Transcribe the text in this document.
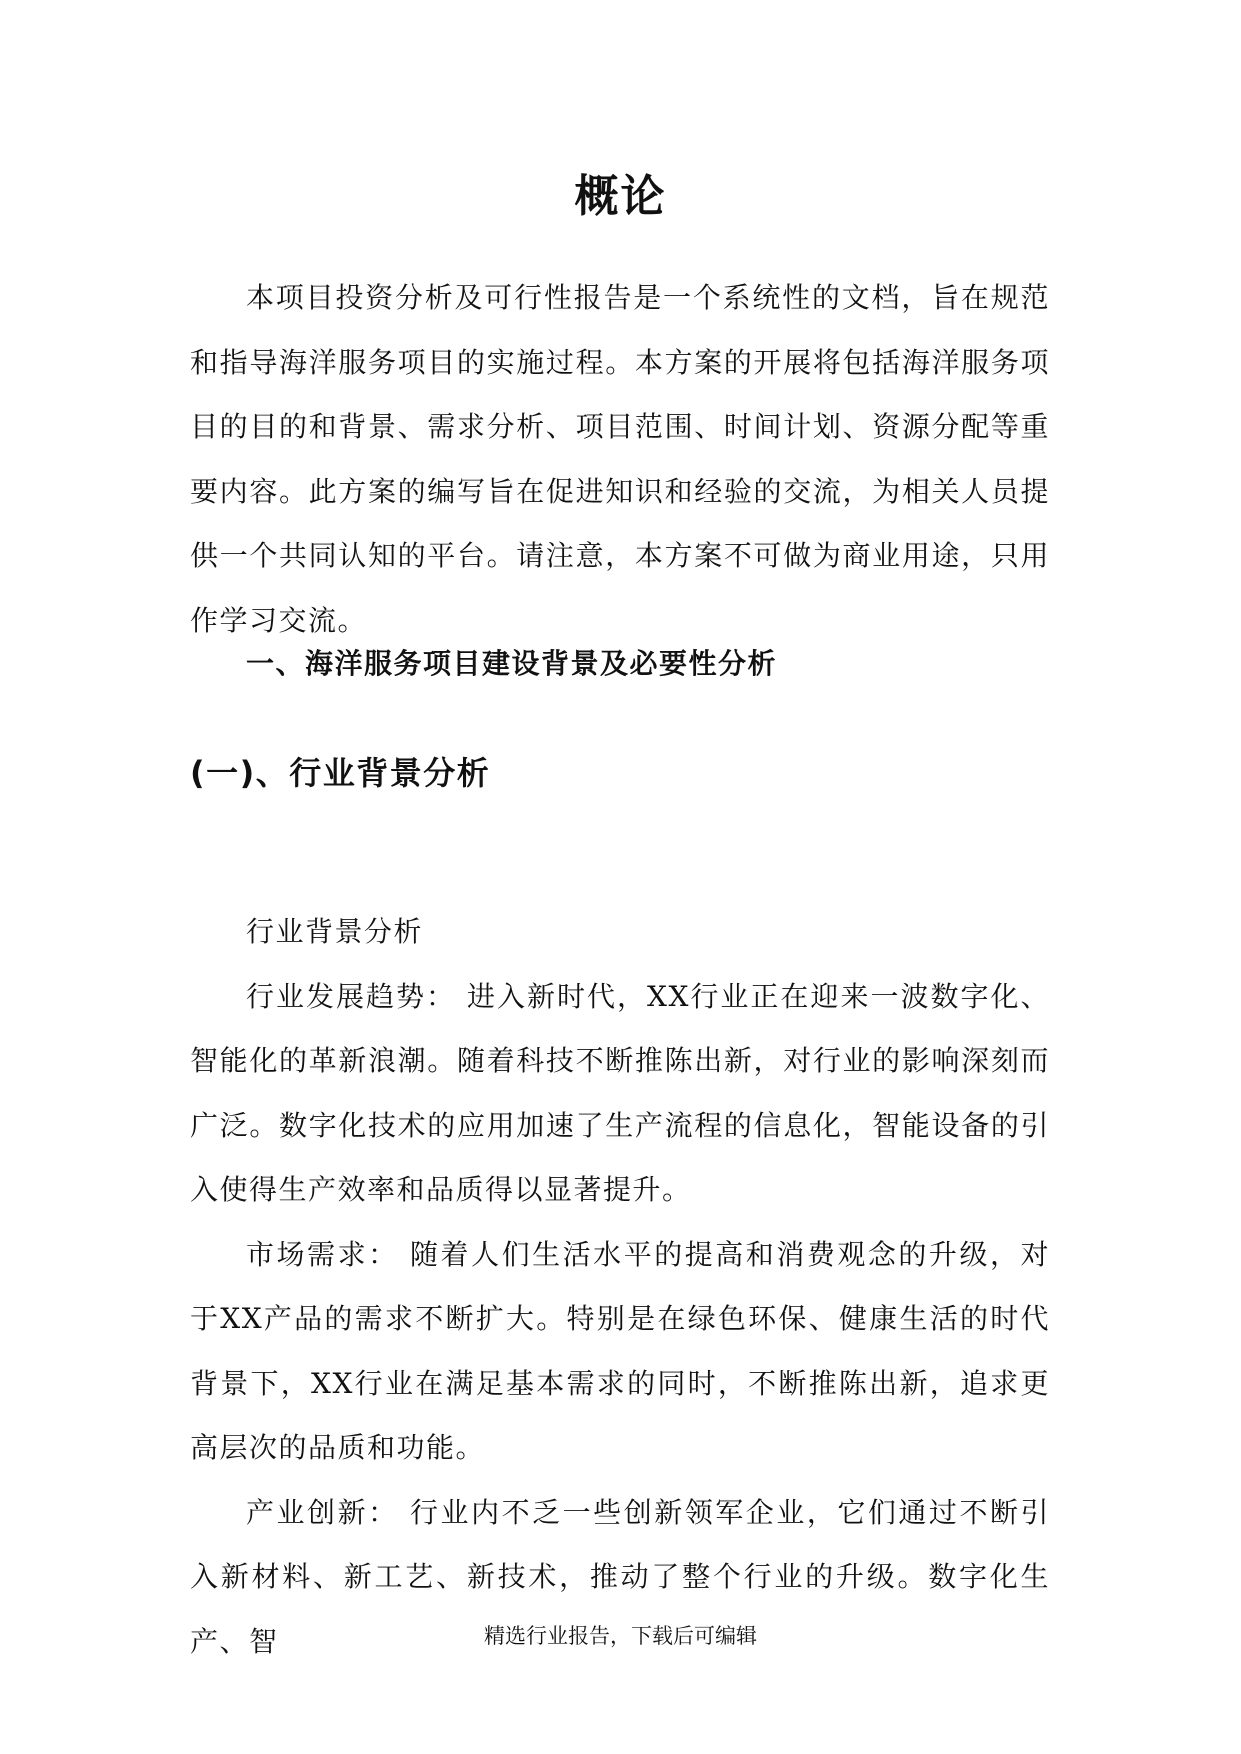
概论

本项目投资分析及可行性报告是一个系统性的文档，旨在规范和指导海洋服务项目的实施过程。本方案的开展将包括海洋服务项目的目的和背景、需求分析、项目范围、时间计划、资源分配等重要内容。此方案的编写旨在促进知识和经验的交流，为相关人员提供一个共同认知的平台。请注意，本方案不可做为商业用途，只用作学习交流。

一、海洋服务项目建设背景及必要性分析
(一)、行业背景分析

行业背景分析

行业发展趋势： 进入新时代，XX行业正在迎来一波数字化、智能化的革新浪潮。随着科技不断推陈出新，对行业的影响深刻而广泛。数字化技术的应用加速了生产流程的信息化，智能设备的引入使得生产效率和品质得以显著提升。

市场需求： 随着人们生活水平的提高和消费观念的升级，对于XX产品的需求不断扩大。特别是在绿色环保、健康生活的时代背景下，XX行业在满足基本需求的同时，不断推陈出新，追求更高层次的品质和功能。

产业创新： 行业内不乏一些创新领军企业，它们通过不断引入新材料、新工艺、新技术，推动了整个行业的升级。数字化生产、智	精选行业报告，下载后可编辑
